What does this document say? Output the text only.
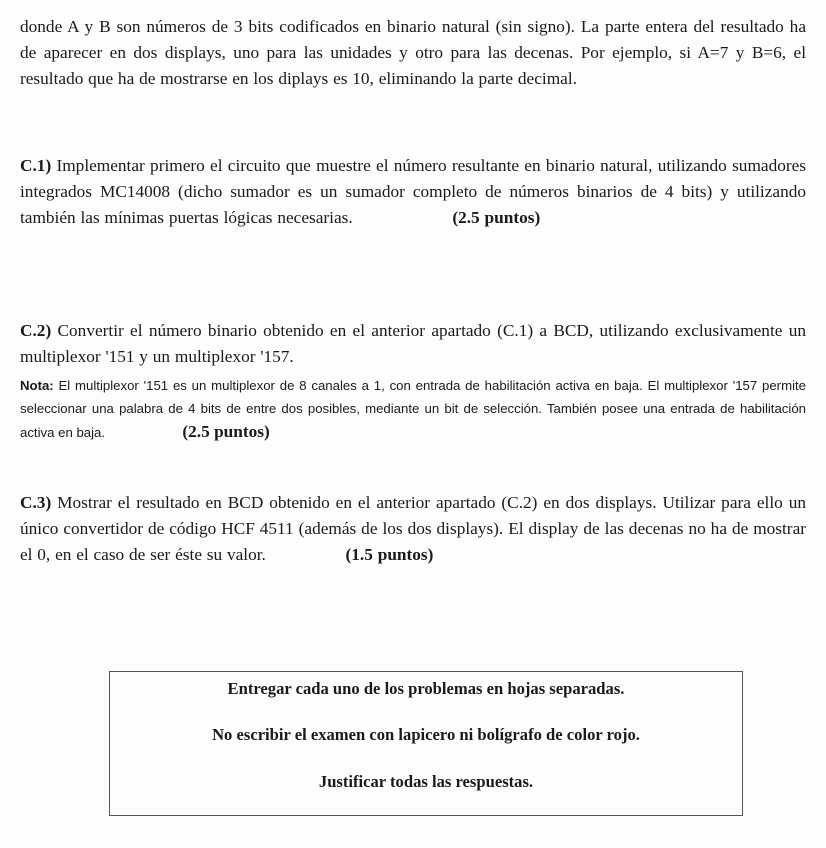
donde A y B son números de 3 bits codificados en binario natural (sin signo). La parte entera del resultado ha de aparecer en dos displays, uno para las unidades y otro para las decenas. Por ejemplo, si A=7 y B=6, el resultado que ha de mostrarse en los diplays es 10, eliminando la parte decimal.
C.1) Implementar primero el circuito que muestre el número resultante en binario natural, utilizando sumadores integrados MC14008 (dicho sumador es un sumador completo de números binarios de 4 bits) y utilizando también las mínimas puertas lógicas necesarias.	(2.5 puntos)
C.2) Convertir el número binario obtenido en el anterior apartado (C.1) a BCD, utilizando exclusivamente un multiplexor '151 y un multiplexor '157.
Nota: El multiplexor '151 es un multiplexor de 8 canales a 1, con entrada de habilitación activa en baja. El multiplexor '157 permite seleccionar una palabra de 4 bits de entre dos posibles, mediante un bit de selección. También posee una entrada de habilitación activa en baja.	(2.5 puntos)
C.3) Mostrar el resultado en BCD obtenido en el anterior apartado (C.2) en dos displays. Utilizar para ello un único convertidor de código HCF 4511 (además de los dos displays). El display de las decenas no ha de mostrar el 0, en el caso de ser éste su valor.	(1.5 puntos)
Entregar cada uno de los problemas en hojas separadas.
No escribir el examen con lapicero ni bolígrafo de color rojo.
Justificar todas las respuestas.
